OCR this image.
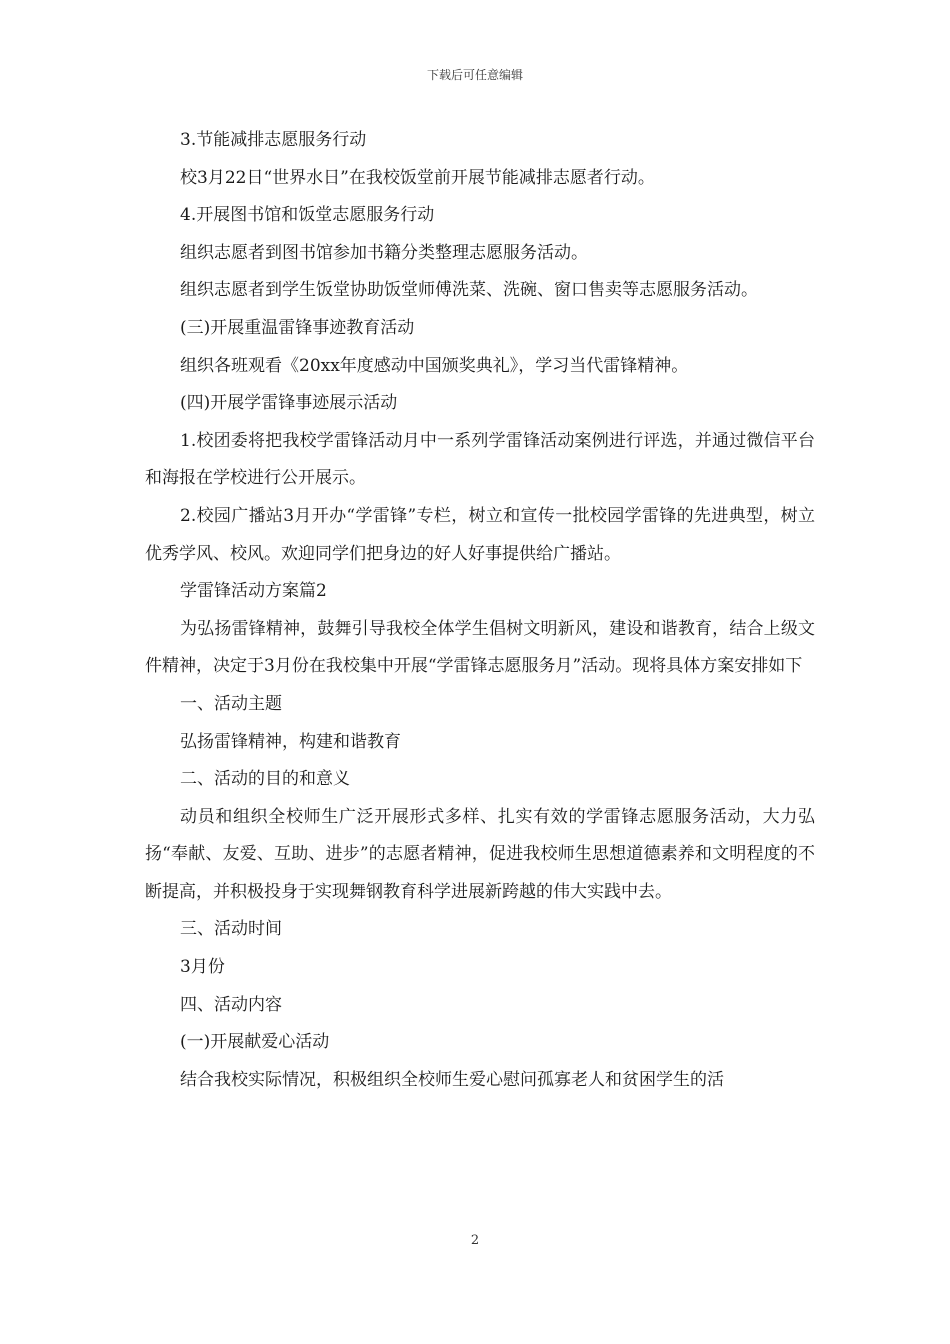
下载后可任意编辑

3.节能减排志愿服务行动

校3月22日“世界水日”在我校饭堂前开展节能减排志愿者行动。

4.开展图书馆和饭堂志愿服务行动

组织志愿者到图书馆参加书籍分类整理志愿服务活动。

组织志愿者到学生饭堂协助饭堂师傅洗菜、洗碗、窗口售卖等志愿服务活动。

(三)开展重温雷锋事迹教育活动

组织各班观看《20xx年度感动中国颁奖典礼》，学习当代雷锋精神。

(四)开展学雷锋事迹展示活动

1.校团委将把我校学雷锋活动月中一系列学雷锋活动案例进行评选，并通过微信平台和海报在学校进行公开展示。

2.校园广播站3月开办“学雷锋”专栏，树立和宣传一批校园学雷锋的先进典型，树立优秀学风、校风。欢迎同学们把身边的好人好事提供给广播站。

学雷锋活动方案篇2

为弘扬雷锋精神，鼓舞引导我校全体学生倡树文明新风，建设和谐教育，结合上级文件精神，决定于3月份在我校集中开展“学雷锋志愿服务月”活动。现将具体方案安排如下

一、活动主题

弘扬雷锋精神，构建和谐教育

二、活动的目的和意义

动员和组织全校师生广泛开展形式多样、扎实有效的学雷锋志愿服务活动，大力弘扬“奉献、友爱、互助、进步”的志愿者精神，促进我校师生思想道德素养和文明程度的不断提高，并积极投身于实现舞钢教育科学进展新跨越的伟大实践中去。

三、活动时间

3月份

四、活动内容

(一)开展献爱心活动

结合我校实际情况，积极组织全校师生爱心慰问孤寡老人和贫困学生的活

2
